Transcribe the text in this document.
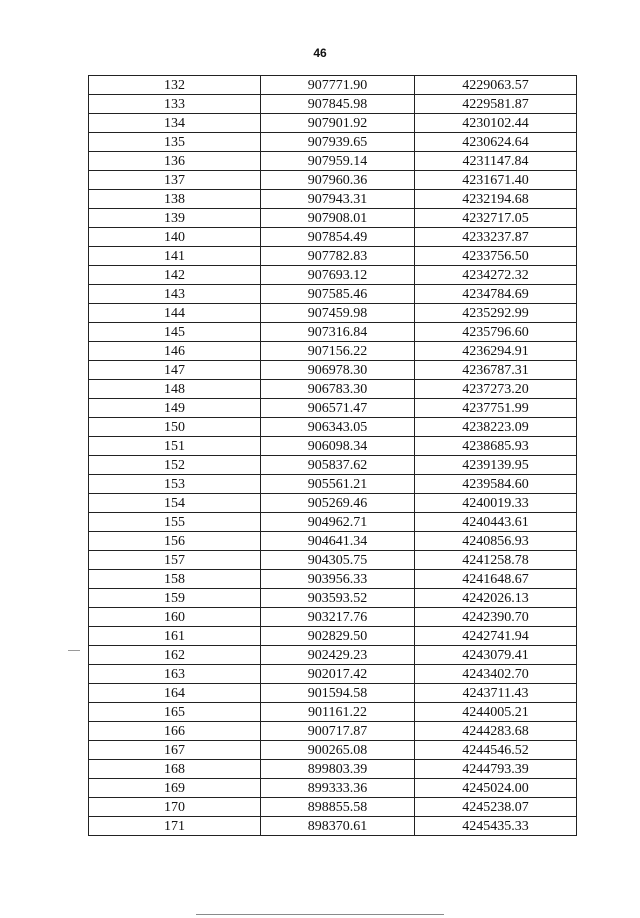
46
132	907771.90	4229063.57
133	907845.98	4229581.87
134	907901.92	4230102.44
135	907939.65	4230624.64
136	907959.14	4231147.84
137	907960.36	4231671.40
138	907943.31	4232194.68
139	907908.01	4232717.05
140	907854.49	4233237.87
141	907782.83	4233756.50
142	907693.12	4234272.32
143	907585.46	4234784.69
144	907459.98	4235292.99
145	907316.84	4235796.60
146	907156.22	4236294.91
147	906978.30	4236787.31
148	906783.30	4237273.20
149	906571.47	4237751.99
150	906343.05	4238223.09
151	906098.34	4238685.93
152	905837.62	4239139.95
153	905561.21	4239584.60
154	905269.46	4240019.33
155	904962.71	4240443.61
156	904641.34	4240856.93
157	904305.75	4241258.78
158	903956.33	4241648.67
159	903593.52	4242026.13
160	903217.76	4242390.70
161	902829.50	4242741.94
162	902429.23	4243079.41
163	902017.42	4243402.70
164	901594.58	4243711.43
165	901161.22	4244005.21
166	900717.87	4244283.68
167	900265.08	4244546.52
168	899803.39	4244793.39
169	899333.36	4245024.00
170	898855.58	4245238.07
171	898370.61	4245435.33
